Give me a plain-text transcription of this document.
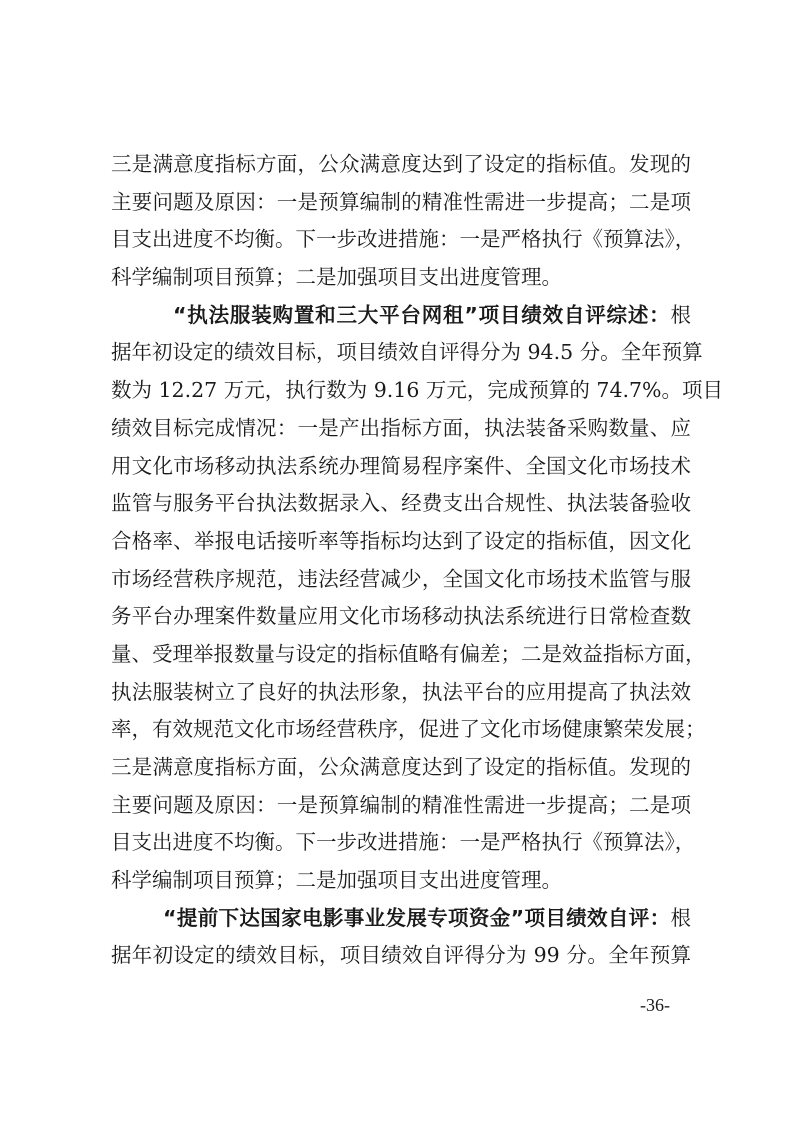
三是满意度指标方面，公众满意度达到了设定的指标值。发现的
主要问题及原因：一是预算编制的精准性需进一步提高；二是项
目支出进度不均衡。下一步改进措施：一是严格执行《预算法》，
科学编制项目预算；二是加强项目支出进度管理。
“执法服装购置和三大平台网租”项目绩效自评综述：根
据年初设定的绩效目标，项目绩效自评得分为 94.5 分。全年预算
数为 12.27 万元，执行数为 9.16 万元，完成预算的 74.7%。项目
绩效目标完成情况：一是产出指标方面，执法装备采购数量、应
用文化市场移动执法系统办理简易程序案件、全国文化市场技术
监管与服务平台执法数据录入、经费支出合规性、执法装备验收
合格率、举报电话接听率等指标均达到了设定的指标值，因文化
市场经营秩序规范，违法经营减少，全国文化市场技术监管与服
务平台办理案件数量应用文化市场移动执法系统进行日常检查数
量、受理举报数量与设定的指标值略有偏差；二是效益指标方面，
执法服装树立了良好的执法形象，执法平台的应用提高了执法效
率，有效规范文化市场经营秩序，促进了文化市场健康繁荣发展；
三是满意度指标方面，公众满意度达到了设定的指标值。发现的
主要问题及原因：一是预算编制的精准性需进一步提高；二是项
目支出进度不均衡。下一步改进措施：一是严格执行《预算法》，
科学编制项目预算；二是加强项目支出进度管理。
“提前下达国家电影事业发展专项资金”项目绩效自评：根
据年初设定的绩效目标，项目绩效自评得分为 99 分。全年预算
-36-
